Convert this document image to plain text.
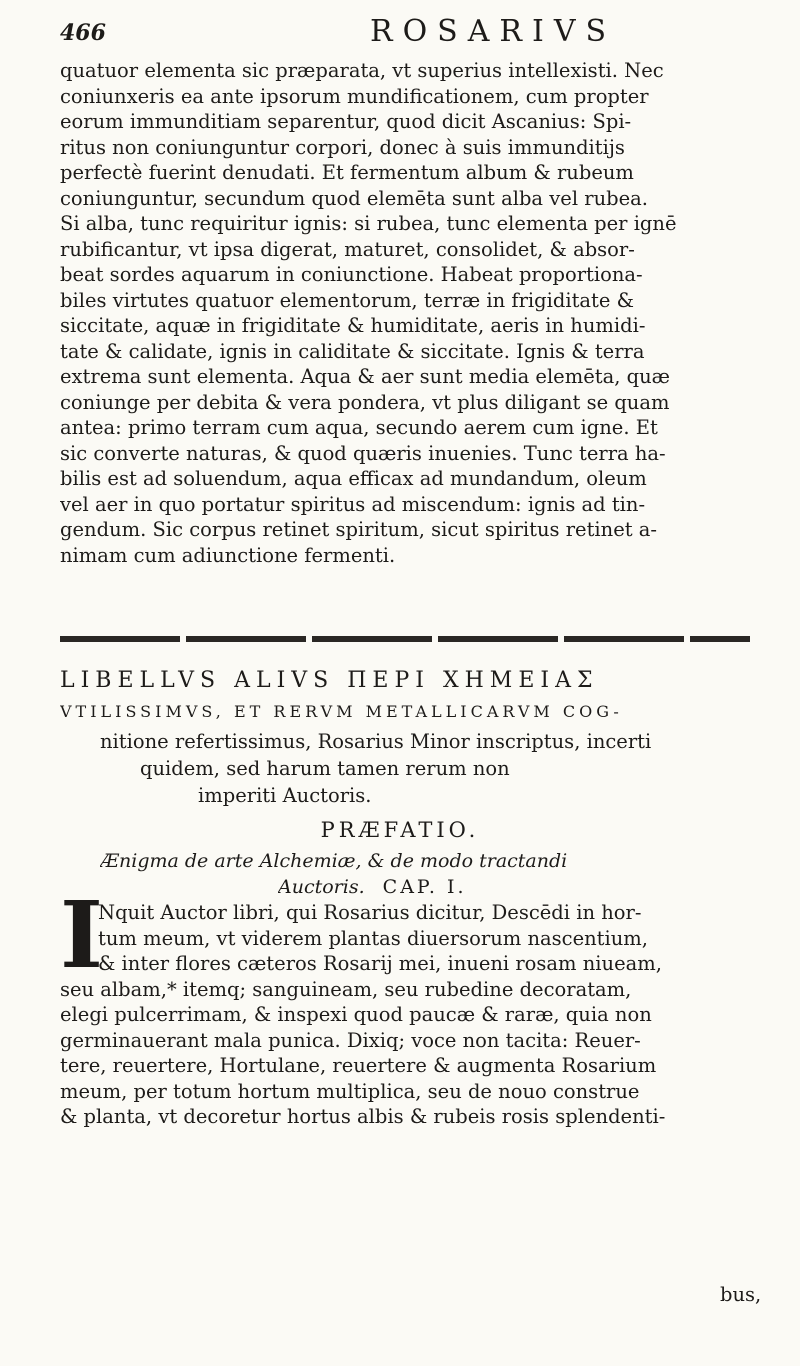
466	ROSARIVS
quatuor elementa sic præparata, vt superius intellexisti. Nec
coniunxeris ea ante ipsorum mundificationem, cum propter
eorum immunditiam separentur, quod dicit Ascanius: Spi-
ritus non coniunguntur corpori, donec à suis immunditijs
perfectè fuerint denudati. Et fermentum album & rubeum
coniunguntur, secundum quod elemēta sunt alba vel rubea.
Si alba, tunc requiritur ignis: si rubea, tunc elementa per ignē
rubificantur, vt ipsa digerat, maturet, consolidet, & absor-
beat sordes aquarum in coniunctione. Habeat proportiona-
biles virtutes quatuor elementorum, terræ in frigiditate &
siccitate, aquæ in frigiditate & humiditate, aeris in humidi-
tate & calidate, ignis in caliditate & siccitate. Ignis & terra
extrema sunt elementa. Aqua & aer sunt media elemēta, quæ
coniunge per debita & vera pondera, vt plus diligant se quam
antea: primo terram cum aqua, secundo aerem cum igne. Et
sic converte naturas, & quod quæris inuenies. Tunc terra ha-
bilis est ad soluendum, aqua efficax ad mundandum, oleum
vel aer in quo portatur spiritus ad miscendum: ignis ad tin-
gendum. Sic corpus retinet spiritum, sicut spiritus retinet a-
nimam cum adiunctione fermenti.
LIBELLVS ALIVS ΠΕΡΙ ΧΗΜΕΙΑΣ
VTILISSIMVS, ET RERVM METALLICARVM COG-
nitione refertissimus, Rosarius Minor inscriptus, incerti
quidem, sed harum tamen rerum non
imperiti Auctoris.
PRÆFATIO.
Ænigma de arte Alchemiæ, & de modo tractandi
Auctoris. CAP. I.
I
Nquit Auctor libri, qui Rosarius dicitur, Descēdi in hor-
tum meum, vt viderem plantas diuersorum nascentium,
& inter flores cæteros Rosarij mei, inueni rosam niueam,
seu albam,* itemq; sanguineam, seu rubedine decoratam,
elegi pulcerrimam, & inspexi quod paucæ & raræ, quia non
germinauerant mala punica. Dixiq; voce non tacita: Reuer-
tere, reuertere, Hortulane, reuertere & augmenta Rosarium
meum, per totum hortum multiplica, seu de nouo construe
& planta, vt decoretur hortus albis & rubeis rosis splendenti-
bus,
